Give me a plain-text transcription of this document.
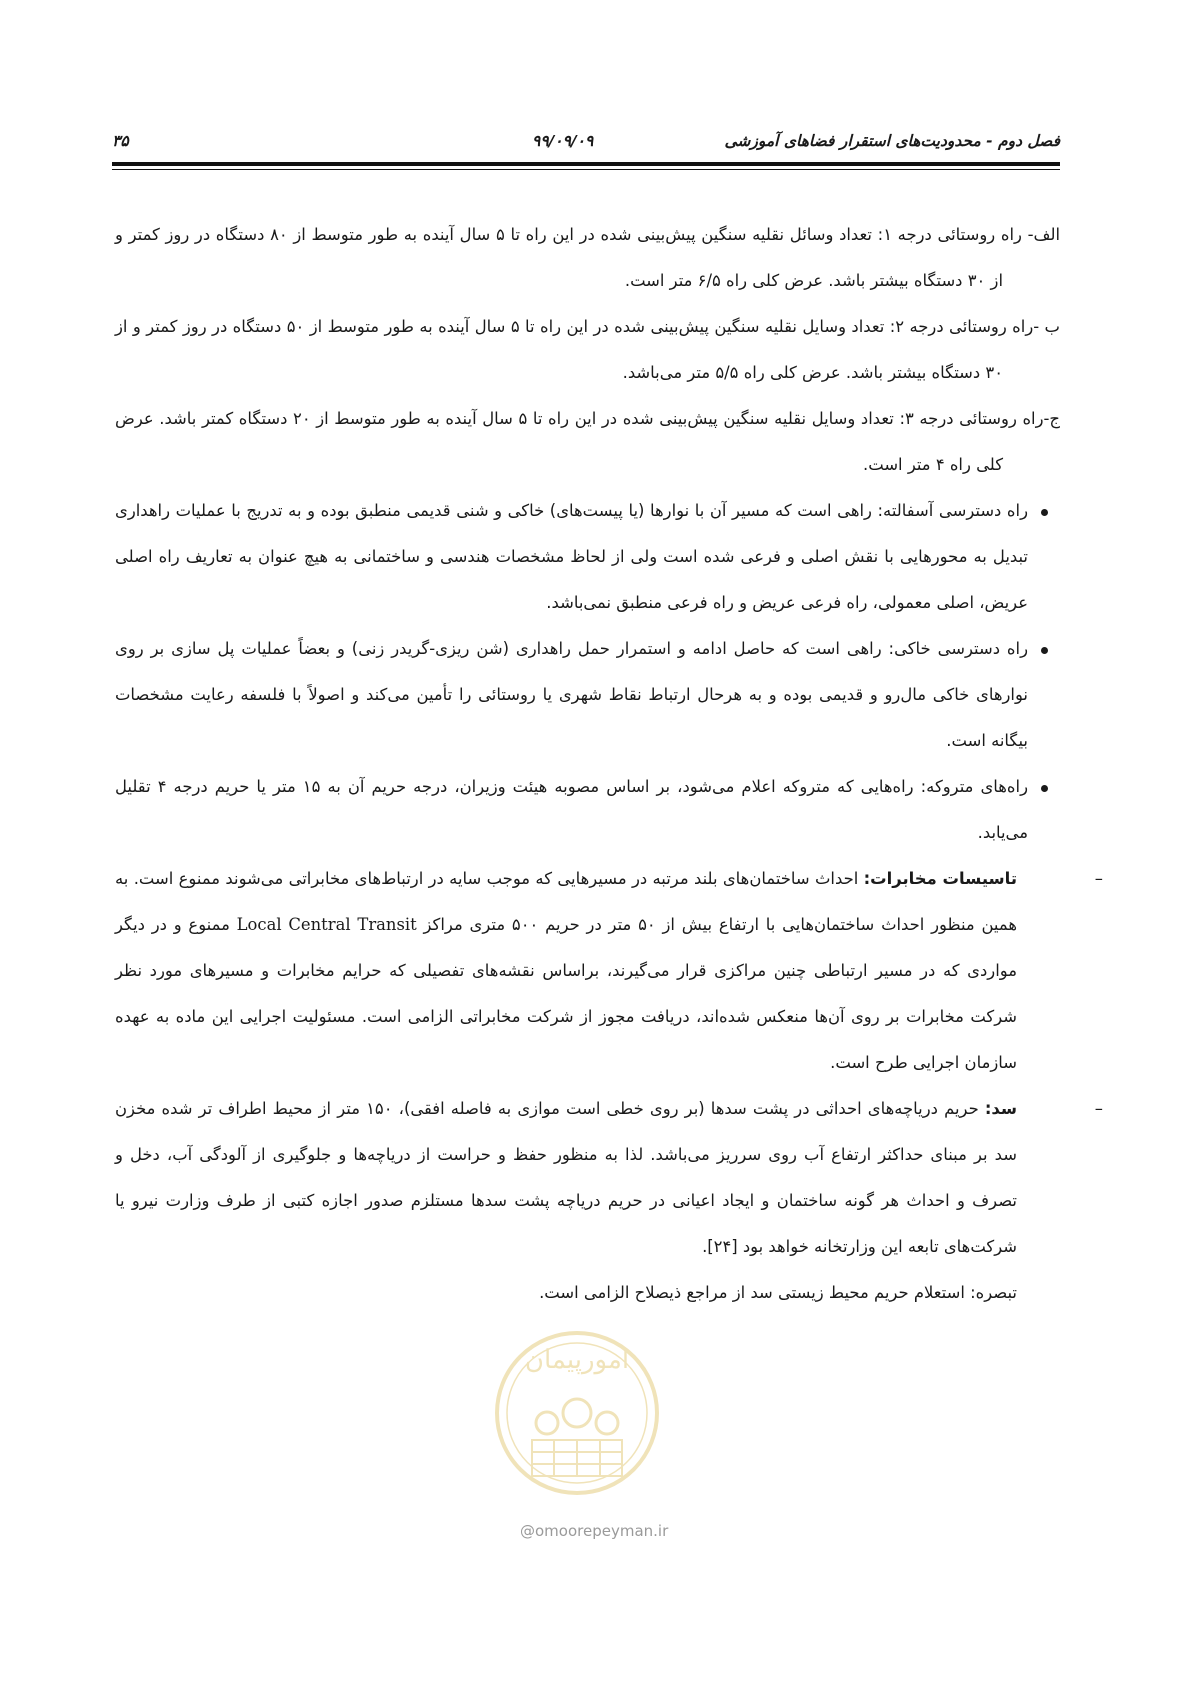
فصل دوم - محدودیت‌های استقرار فضاهای آموزشی
۹۹/۰۹/۰۹
۳۵

الف- راه روستائی درجه ۱: تعداد وسائل نقلیه سنگین پیش‌بینی شده در این راه تا ۵ سال آینده به طور متوسط از ۸۰ دستگاه در روز کمتر و از ۳۰ دستگاه بیشتر باشد. عرض کلی راه ۶/۵ متر است.

ب -راه روستائی درجه ۲: تعداد وسایل نقلیه سنگین پیش‌بینی شده در این راه تا ۵ سال آینده به طور متوسط از ۵۰ دستگاه در روز کمتر و از ۳۰ دستگاه بیشتر باشد. عرض کلی راه ۵/۵ متر می‌باشد.

ج-راه روستائی درجه ۳: تعداد وسایل نقلیه سنگین پیش‌بینی شده در این راه تا ۵ سال آینده به طور متوسط از ۲۰ دستگاه کمتر باشد. عرض کلی راه ۴ متر است.

راه دسترسی آسفالته: راهی است که مسیر آن با نوارها (یا پیست‌های) خاکی و شنی قدیمی منطبق بوده و به تدریج با عملیات راهداری تبدیل به محورهایی با نقش اصلی و فرعی شده است ولی از لحاظ مشخصات هندسی و ساختمانی به هیچ عنوان به تعاریف راه اصلی عریض، اصلی معمولی، راه فرعی عریض و راه فرعی منطبق نمی‌باشد.

راه دسترسی خاکی: راهی است که حاصل ادامه و استمرار حمل راهداری (شن ریزی-گریدر زنی) و بعضاً عملیات پل سازی بر روی نوارهای خاکی مال‌رو و قدیمی بوده و به هرحال ارتباط نقاط شهری یا روستائی را تأمین می‌کند و اصولاً با فلسفه رعایت مشخصات بیگانه است.

راه‌های متروکه: راه‌هایی که متروکه اعلام می‌شود، بر اساس مصوبه هیئت وزیران، درجه حریم آن به ۱۵ متر یا حریم درجه ۴ تقلیل می‌یابد.

–تاسیسات مخابرات: احداث ساختمان‌های بلند مرتبه در مسیرهایی که موجب سایه در ارتباط‌های مخابراتی می‌شوند ممنوع است. به همین منظور احداث ساختمان‌هایی با ارتفاع بیش از ۵۰ متر در حریم ۵۰۰ متری مراکز Local Central Transit ممنوع و در دیگر مواردی که در مسیر ارتباطی چنین مراکزی قرار می‌گیرند، براساس نقشه‌های تفصیلی که حرایم مخابرات و مسیرهای مورد نظر شرکت مخابرات بر روی آن‌ها منعکس شده‌اند، دریافت مجوز از شرکت مخابراتی الزامی است. مسئولیت اجرایی این ماده به عهده سازمان اجرایی طرح است.

–سد: حریم دریاچه‌های احداثی در پشت سدها (بر روی خطی است موازی به فاصله افقی)، ۱۵۰ متر از محیط اطراف تر شده مخزن سد بر مبنای حداکثر ارتفاع آب روی سرریز می‌باشد. لذا به منظور حفظ و حراست از دریاچه‌ها و جلوگیری از آلودگی آب، دخل و تصرف و احداث هر گونه ساختمان و ایجاد اعیانی در حریم دریاچه پشت سدها مستلزم صدور اجازه کتبی از طرف وزارت نیرو یا شرکت‌های تابعه این وزارتخانه خواهد بود [۲۴].

تبصره: استعلام حریم محیط زیستی سد از مراجع ذیصلاح الزامی است.

امورپیمان
@omoorepeyman.ir
